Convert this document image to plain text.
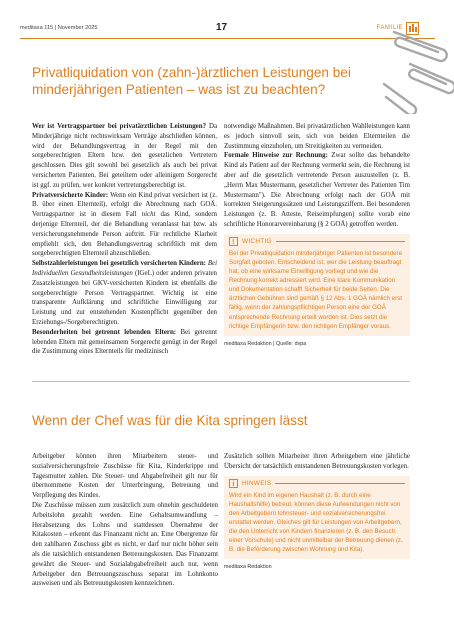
meditaxa 115 | November 2025	17	FAMILIE
Privatliquidation von (zahn-)ärztlichen Leistungen bei minderjährigen Patienten – was ist zu beachten?

Wer ist Vertragspartner bei privatärztlichen Leistungen? Da Minderjährige nicht rechtswirksam Verträge abschließen können, wird der Behandlungsvertrag in der Regel mit den sorgeberechtigten Eltern bzw. den gesetzlichen Vertretern geschlossen. Dies gilt sowohl bei gesetzlich als auch bei privat versicherten Patienten. Bei geteiltem oder alleinigem Sorgerecht ist ggf. zu prüfen, wer konkret vertretungsberechtigt ist.

Privatversicherte Kinder: Wenn ein Kind privat versichert ist (z. B. über einen Elternteil), erfolgt die Abrechnung nach GOÄ. Vertragspartner ist in diesem Fall nicht das Kind, sondern derjenige Elternteil, der die Behandlung veranlasst hat bzw. als versicherungsnehmende Person auftritt. Für rechtliche Klarheit empfiehlt sich, den Behandlungsvertrag schriftlich mit dem sorgeberechtigten Elternteil abzuschließen.

Selbstzahlerleistungen bei gesetzlich versicherten Kindern: Bei Individuellen Gesundheitsleistungen (IGeL) oder anderen privaten Zusatzleistungen bei GKV-versicherten Kindern ist ebenfalls die sorgeberechtigte Person Vertragspartner. Wichtig ist eine transparente Aufklärung und schriftliche Einwilligung zur Leistung und zur entstehenden Kostenpflicht gegenüber den Erziehungs-/Sorgeberechtigten.

Besonderheiten bei getrennt lebenden Eltern: Bei getrennt lebenden Eltern mit gemeinsamem Sorgerecht genügt in der Regel die Zustimmung eines Elternteils für medizinisch

notwendige Maßnahmen. Bei privatärztlichen Wahlleistungen kann es jedoch sinnvoll sein, sich von beiden Elternteilen die Zustimmung einzuholen, um Streitigkeiten zu vermeiden.

Formale Hinweise zur Rechnung: Zwar sollte das behandelte Kind als Patient auf der Rechnung vermerkt sein, die Rechnung ist aber auf die gesetzlich vertretende Person auszustellen (z. B. „Herrn Max Mustermann, gesetzlicher Vertreter des Patienten Tim Mustermann"). Die Abrechnung erfolgt nach der GOÄ mit korrekten Steigerungssätzen und Leistungsziffern. Bei besonderen Leistungen (z. B. Atteste, Reiseimpfungen) sollte vorab eine schriftliche Honorarvereinbarung (§ 2 GOÄ) getroffen werden.

!	WICHTIG
Bei der Privatliquidation minderjähriger Patienten ist besondere Sorgfalt geboten. Entscheidend ist, wer die Leistung beauftragt hat, ob eine wirksame Einwilligung vorliegt und wie die Rechnung korrekt adressiert wird. Eine klare Kommunikation und Dokumentation schafft Sicherheit für beide Seiten. Die ärztlichen Gebühren sind gemäß § 12 Abs. 1 GOÄ nämlich erst fällig, wenn der zahlungspflichtigen Person eine der GOÄ entsprechende Rechnung erteilt worden ist. Dies setzt die richtige Empfängerin bzw. den richtigen Empfänger voraus.
meditaxa Redaktion | Quelle: dvpa
Wenn der Chef was für die Kita springen lässt

Arbeitgeber können ihren Mitarbeitern steuer- und sozialversicherungsfreie Zuschüsse für Kita, Kinderkrippe und Tagesmutter zahlen. Die Steuer- und Abgabefreiheit gilt nur für übernommene Kosten der Unterbringung, Betreuung und Verpflegung des Kindes.

Die Zuschüsse müssen zum zusätzlich zum ohnehin geschuldeten Arbeitslohn gezahlt werden. Eine Gehaltsumwandlung – Herabsetzung des Lohns und stattdessen Übernahme der Kitakosten – erkennt das Finanzamt nicht an. Eine Obergrenze für den zahlbaren Zuschuss gibt es nicht, er darf nur nicht höher sein als die tatsächlich entstandenen Betreuungskosten. Das Finanzamt gewährt die Steuer- und Sozialabgabefreiheit auch nur, wenn Arbeitgeber den Betreuungszuschuss separat im Lohnkonto ausweisen und als Betreuungskosten kennzeichnen.

Zusätzlich sollten Mitarbeiter ihren Arbeitgebern eine jährliche Übersicht der tatsächlich entstandenen Betreuungskosten vorlegen.

i	HINWEIS
Wird ein Kind im eigenen Haushalt (z. B. durch eine Haushaltshilfe) betreut, können diese Aufwendungen nicht von den Arbeitgebern lohnsteuer- und sozialversicherungsfrei erstattet werden. Gleiches gilt für Leistungen von Arbeitgebern, die den Unterricht von Kindern finanzieren (z. B. den Besuch einer Vorschule) und nicht unmittelbar der Betreuung dienen (z. B. die Beförderung zwischen Wohnung und Kita).
meditaxa Redaktion
